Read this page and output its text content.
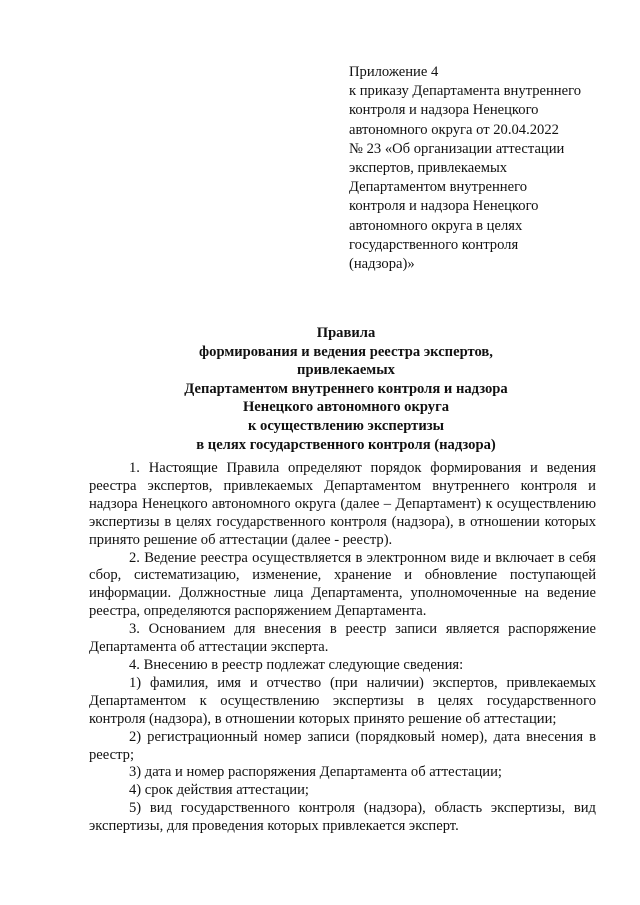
Приложение 4
к приказу Департамента внутреннего
контроля и надзора Ненецкого
автономного округа от 20.04.2022
№ 23 «Об организации аттестации
экспертов, привлекаемых
Департаментом внутреннего
контроля и надзора Ненецкого
автономного округа в целях
государственного контроля
(надзора)»
Правила
формирования и ведения реестра экспертов,
привлекаемых
Департаментом внутреннего контроля и надзора
Ненецкого автономного округа
к осуществлению экспертизы
в целях государственного контроля (надзора)

1. Настоящие Правила определяют порядок формирования и ведения реестра экспертов, привлекаемых Департаментом внутреннего контроля и надзора Ненецкого автономного округа (далее – Департамент) к осуществлению экспертизы в целях государственного контроля (надзора), в отношении которых принято решение об аттестации (далее - реестр).

2. Ведение реестра осуществляется в электронном виде и включает в себя сбор, систематизацию, изменение, хранение и обновление поступающей информации. Должностные лица Департамента, уполномоченные на ведение реестра, определяются распоряжением Департамента.

3. Основанием для внесения в реестр записи является распоряжение Департамента об аттестации эксперта.

4. Внесению в реестр подлежат следующие сведения:

1) фамилия, имя и отчество (при наличии) экспертов, привлекаемых Департаментом к осуществлению экспертизы в целях государственного контроля (надзора), в отношении которых принято решение об аттестации;

2) регистрационный номер записи (порядковый номер), дата внесения в реестр;

3) дата и номер распоряжения Департамента об аттестации;

4) срок действия аттестации;

5) вид государственного контроля (надзора), область экспертизы, вид экспертизы, для проведения которых привлекается эксперт.
